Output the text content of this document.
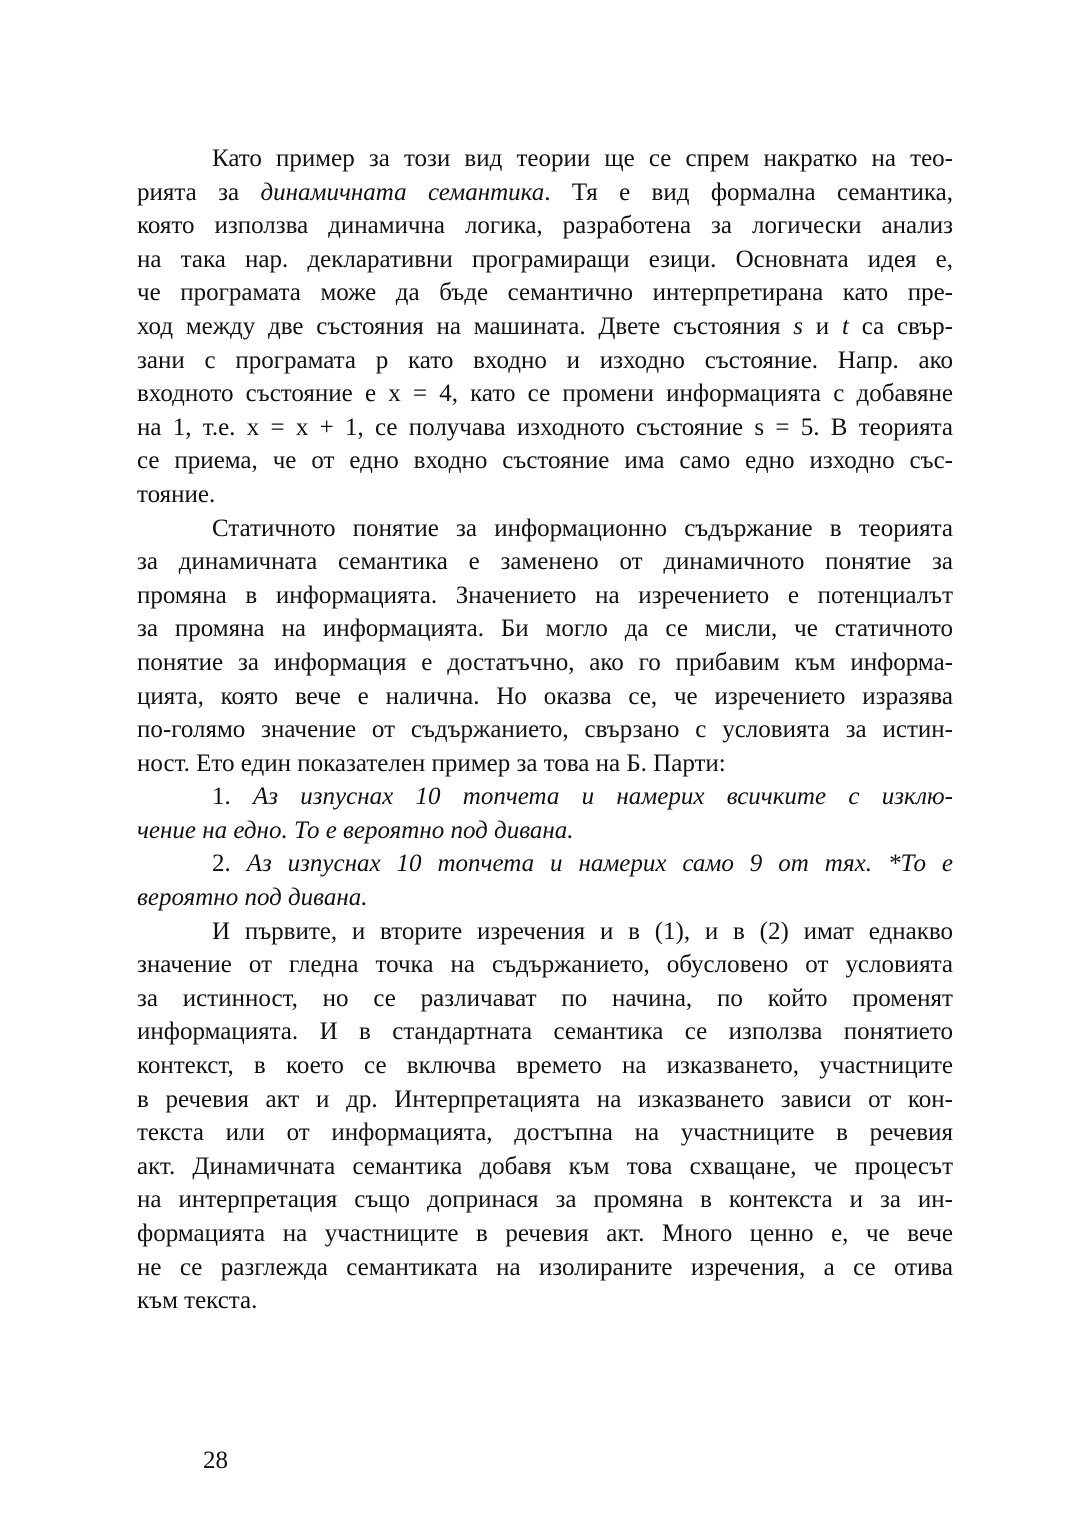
Като пример за този вид теории ще се спрем накратко на тео-
рията за динамичната семантика. Тя е вид формална семантика,
която използва динамична логика, разработена за логически анализ
на така нар. декларативни програмиращи езици. Основната идея е,
че програмата може да бъде семантично интерпретирана като пре-
ход между две състояния на машината. Двете състояния s и t са свър-
зани с програмата p като входно и изходно състояние. Напр. ако
входното състояние е x = 4, като се промени информацията с добавяне
на 1, т.е. x = x + 1, се получава изходното състояние s = 5. В теорията
се приема, че от едно входно състояние има само едно изходно със-
тояние.
Статичното понятие за информационно съдържание в теорията
за динамичната семантика е заменено от динамичното понятие за
промяна в информацията. Значението на изречението е потенциалът
за промяна на информацията. Би могло да се мисли, че статичното
понятие за информация е достатъчно, ако го прибавим към информа-
цията, която вече е налична. Но оказва се, че изречението изразява
по-голямо значение от съдържанието, свързано с условията за истин-
ност. Ето един показателен пример за това на Б. Парти:
1. Аз изпуснах 10 топчета и намерих всичките с изклю-
чение на едно. То е вероятно под дивана.
2. Аз изпуснах 10 топчета и намерих само 9 от тях. *То е
вероятно под дивана.
И първите, и вторите изречения и в (1), и в (2) имат еднакво
значение от гледна точка на съдържанието, обусловено от условията
за истинност, но се различават по начина, по който променят
информацията. И в стандартната семантика се използва понятието
контекст, в което се включва времето на изказването, участниците
в речевия акт и др. Интерпретацията на изказването зависи от кон-
текста или от информацията, достъпна на участниците в речевия
акт. Динамичната семантика добавя към това схващане, че процесът
на интерпретация също допринася за промяна в контекста и за ин-
формацията на участниците в речевия акт. Много ценно е, че вече
не се разглежда семантиката на изолираните изречения, а се отива
към текста.
28
